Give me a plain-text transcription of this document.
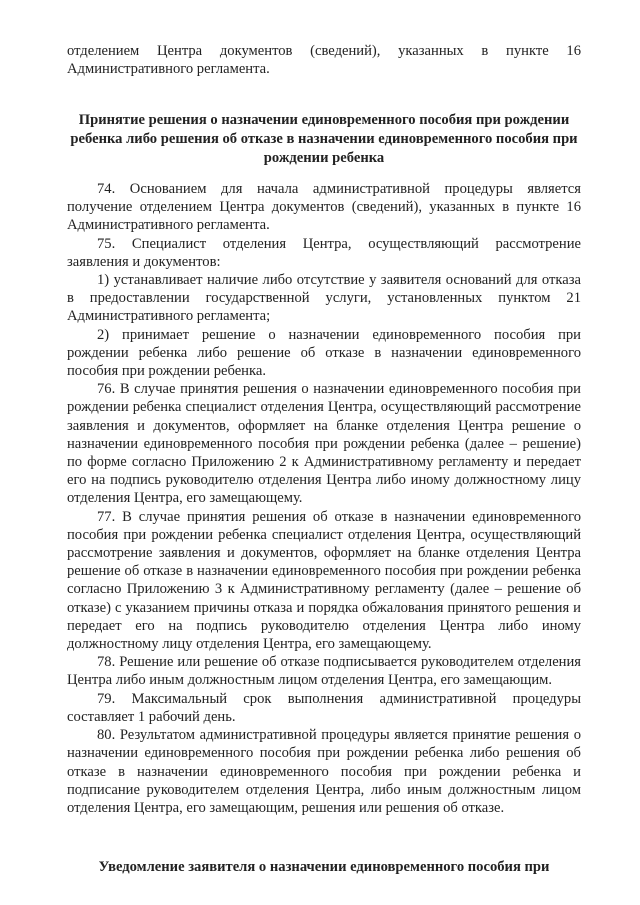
отделением Центра документов (сведений), указанных в пункте 16 Административного регламента.

Принятие решения о назначении единовременного пособия при рождении ребенка либо решения об отказе в назначении единовременного пособия при рождении ребенка

74. Основанием для начала административной процедуры является получение отделением Центра документов (сведений), указанных в пункте 16 Административного регламента.

75. Специалист отделения Центра, осуществляющий рассмотрение заявления и документов:

1) устанавливает наличие либо отсутствие у заявителя оснований для отказа в предоставлении государственной услуги, установленных пунктом 21 Административного регламента;

2) принимает решение о назначении единовременного пособия при рождении ребенка либо решение об отказе в назначении единовременного пособия при рождении ребенка.

76. В случае принятия решения о назначении единовременного пособия при рождении ребенка специалист отделения Центра, осуществляющий рассмотрение заявления и документов, оформляет на бланке отделения Центра решение о назначении единовременного пособия при рождении ребенка (далее – решение) по форме согласно Приложению 2 к Административному регламенту и передает его на подпись руководителю отделения Центра либо иному должностному лицу отделения Центра, его замещающему.

77. В случае принятия решения об отказе в назначении единовременного пособия при рождении ребенка специалист отделения Центра, осуществляющий рассмотрение заявления и документов, оформляет на бланке отделения Центра решение об отказе в назначении единовременного пособия при рождении ребенка согласно Приложению 3 к Административному регламенту (далее – решение об отказе) с указанием причины отказа и порядка обжалования принятого решения и передает его на подпись руководителю отделения Центра либо иному должностному лицу отделения Центра, его замещающему.

78. Решение или решение об отказе подписывается руководителем отделения Центра либо иным должностным лицом отделения Центра, его замещающим.

79. Максимальный срок выполнения административной процедуры составляет 1 рабочий день.

80. Результатом административной процедуры является принятие решения о назначении единовременного пособия при рождении ребенка либо решения об отказе в назначении единовременного пособия при рождении ребенка и подписание руководителем отделения Центра, либо иным должностным лицом отделения Центра, его замещающим, решения или решения об отказе.

Уведомление заявителя о назначении единовременного пособия при
